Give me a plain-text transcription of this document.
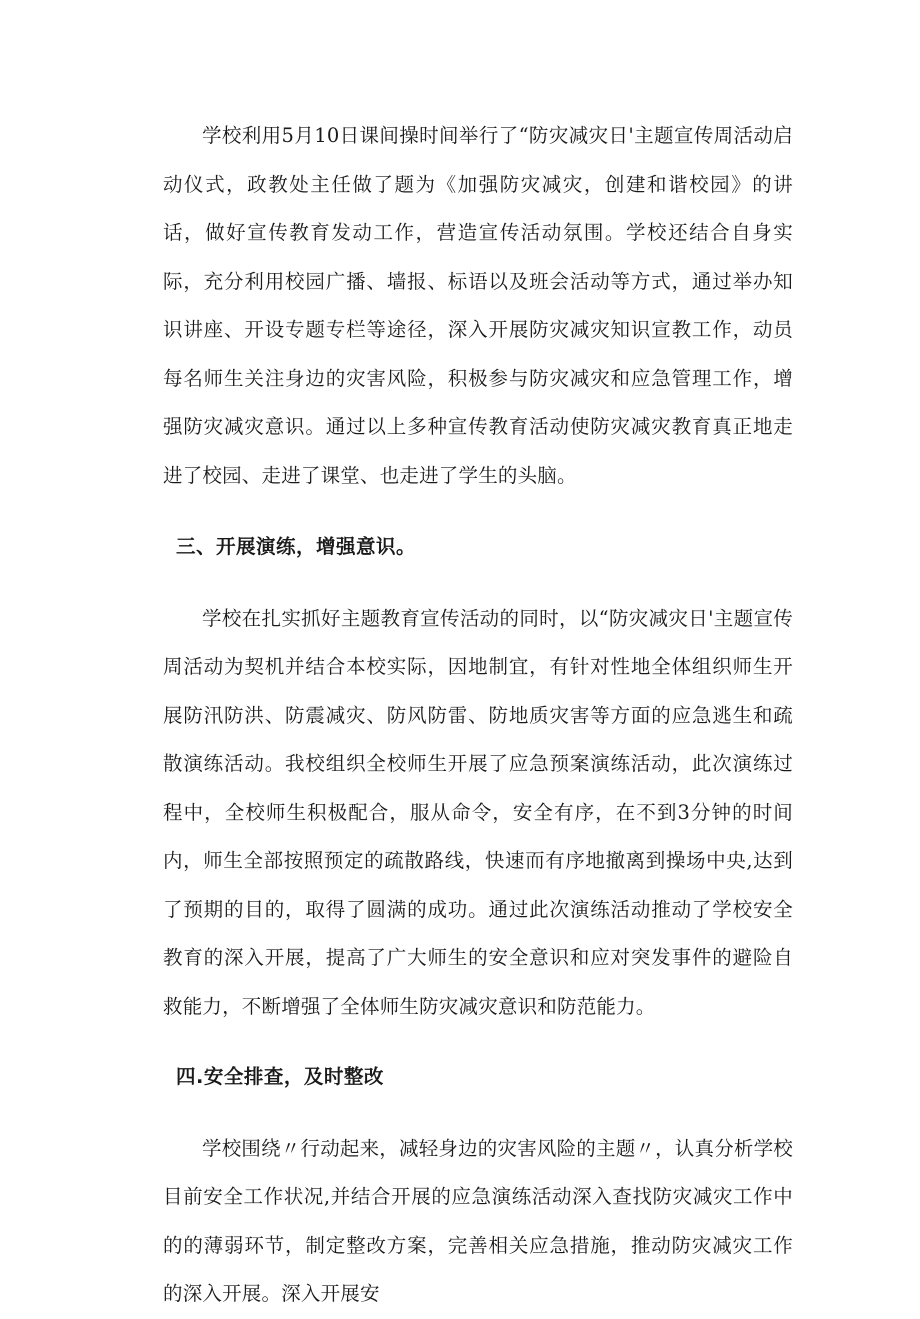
学校利用5月10日课间操时间举行了“防灾减灾日'主题宣传周活动启动仪式，政教处主任做了题为《加强防灾减灾，创建和谐校园》的讲话，做好宣传教育发动工作，营造宣传活动氛围。学校还结合自身实际，充分利用校园广播、墙报、标语以及班会活动等方式，通过举办知识讲座、开设专题专栏等途径，深入开展防灾减灾知识宣教工作，动员每名师生关注身边的灾害风险，积极参与防灾减灾和应急管理工作，增强防灾减灾意识。通过以上多种宣传教育活动使防灾减灾教育真正地走进了校园、走进了课堂、也走进了学生的头脑。

三、开展演练，增强意识。

学校在扎实抓好主题教育宣传活动的同时，以“防灾减灾日'主题宣传周活动为契机并结合本校实际，因地制宜，有针对性地全体组织师生开展防汛防洪、防震减灾、防风防雷、防地质灾害等方面的应急逃生和疏散演练活动。我校组织全校师生开展了应急预案演练活动，此次演练过程中，全校师生积极配合，服从命令，安全有序，在不到3分钟的时间内，师生全部按照预定的疏散路线，快速而有序地撤离到操场中央,达到了预期的目的，取得了圆满的成功。通过此次演练活动推动了学校安全教育的深入开展，提高了广大师生的安全意识和应对突发事件的避险自救能力，不断增强了全体师生防灾减灾意识和防范能力。

四.安全排查，及时整改

学校围绕〃行动起来，减轻身边的灾害风险的主题〃，认真分析学校目前安全工作状况,并结合开展的应急演练活动深入查找防灾减灾工作中的的薄弱环节，制定整改方案，完善相关应急措施，推动防灾减灾工作的深入开展。深入开展安
